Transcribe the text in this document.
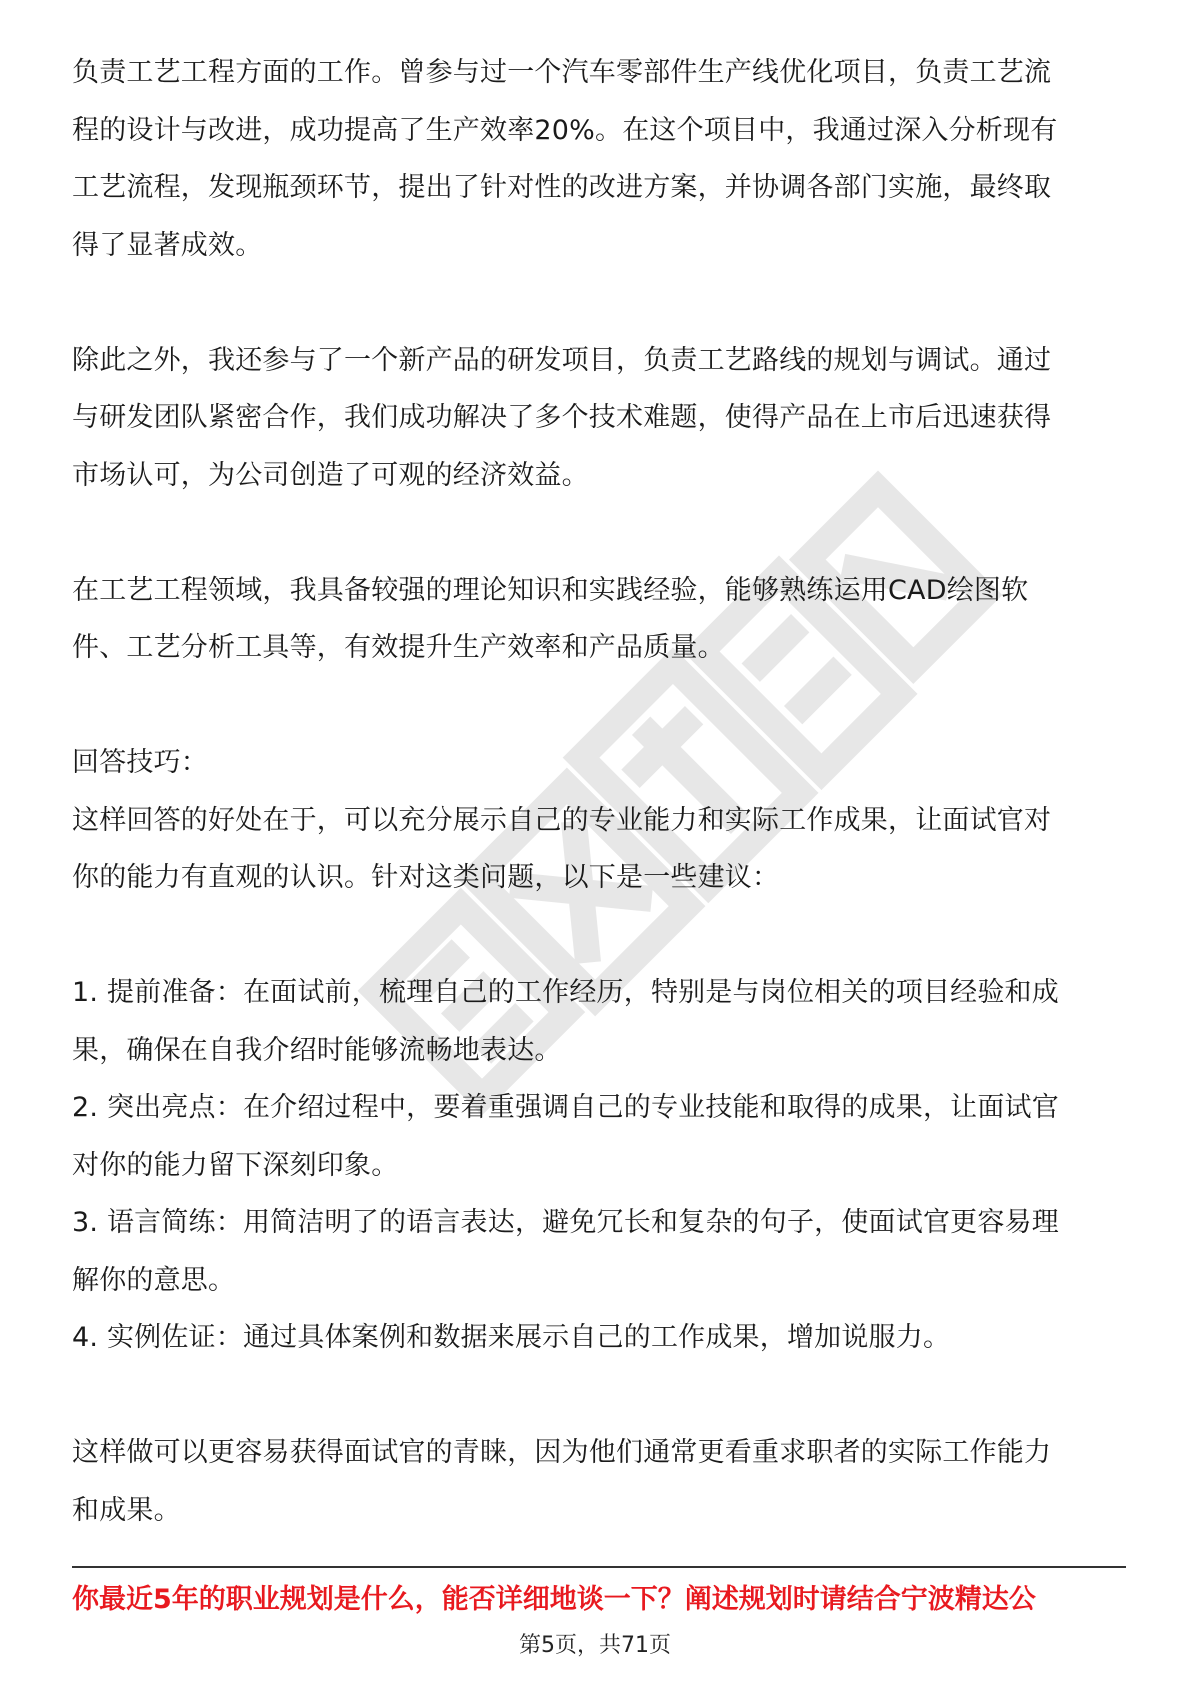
负责工艺工程方面的工作。曾参与过一个汽车零部件生产线优化项目，负责工艺流
程的设计与改进，成功提高了生产效率20%。在这个项目中，我通过深入分析现有
工艺流程，发现瓶颈环节，提出了针对性的改进方案，并协调各部门实施，最终取
得了显著成效。
除此之外，我还参与了一个新产品的研发项目，负责工艺路线的规划与调试。通过
与研发团队紧密合作，我们成功解决了多个技术难题，使得产品在上市后迅速获得
市场认可，为公司创造了可观的经济效益。
在工艺工程领域，我具备较强的理论知识和实践经验，能够熟练运用CAD绘图软
件、工艺分析工具等，有效提升生产效率和产品质量。
回答技巧：
这样回答的好处在于，可以充分展示自己的专业能力和实际工作成果，让面试官对
你的能力有直观的认识。针对这类问题，以下是一些建议：
1. 提前准备：在面试前，梳理自己的工作经历，特别是与岗位相关的项目经验和成
果，确保在自我介绍时能够流畅地表达。
2. 突出亮点：在介绍过程中，要着重强调自己的专业技能和取得的成果，让面试官
对你的能力留下深刻印象。
3. 语言简练：用简洁明了的语言表达，避免冗长和复杂的句子，使面试官更容易理
解你的意思。
4. 实例佐证：通过具体案例和数据来展示自己的工作成果，增加说服力。
这样做可以更容易获得面试官的青睐，因为他们通常更看重求职者的实际工作能力
和成果。
你最近5年的职业规划是什么，能否详细地谈一下？阐述规划时请结合宁波精达公
第5页，共71页
